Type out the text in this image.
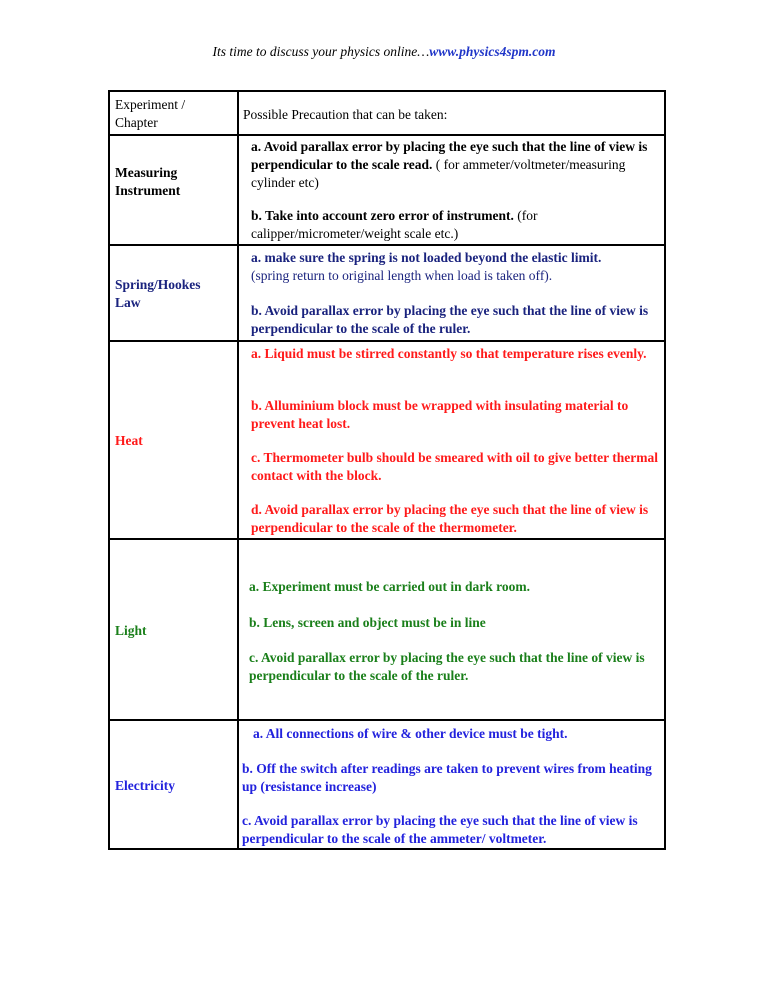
Its time to discuss your physics online…www.physics4spm.com
Experiment / Chapter
Possible Precaution that can be taken:
Measuring Instrument
a. Avoid parallax error by placing the eye such that the line of view is perpendicular to the scale read. ( for ammeter/voltmeter/measuring cylinder etc)
b. Take into account zero error of instrument. (for calipper/micrometer/weight scale etc.)
Spring/Hookes Law
a. make sure the spring is not loaded beyond the elastic limit.
(spring return to original length when load is taken off).
b. Avoid parallax error by placing the eye such that the line of view is perpendicular to the scale of the ruler.
Heat
a. Liquid must be stirred constantly so that temperature rises evenly.
b. Alluminium block must be wrapped with insulating material to prevent heat lost.
c. Thermometer bulb should be smeared with oil to give better thermal contact with the block.
d. Avoid parallax error by placing the eye such that the line of view is perpendicular to the scale of the thermometer.
Light
a. Experiment must be carried out in dark room.
b. Lens, screen and object must be in line
c. Avoid parallax error by placing the eye such that the line of view is perpendicular to the scale of the ruler.
Electricity
a. All connections of wire & other device must be tight.
b. Off the switch after readings are taken to prevent wires from heating up (resistance increase)
c. Avoid parallax error by placing the eye such that the line of view is perpendicular to the scale of the ammeter/ voltmeter.
